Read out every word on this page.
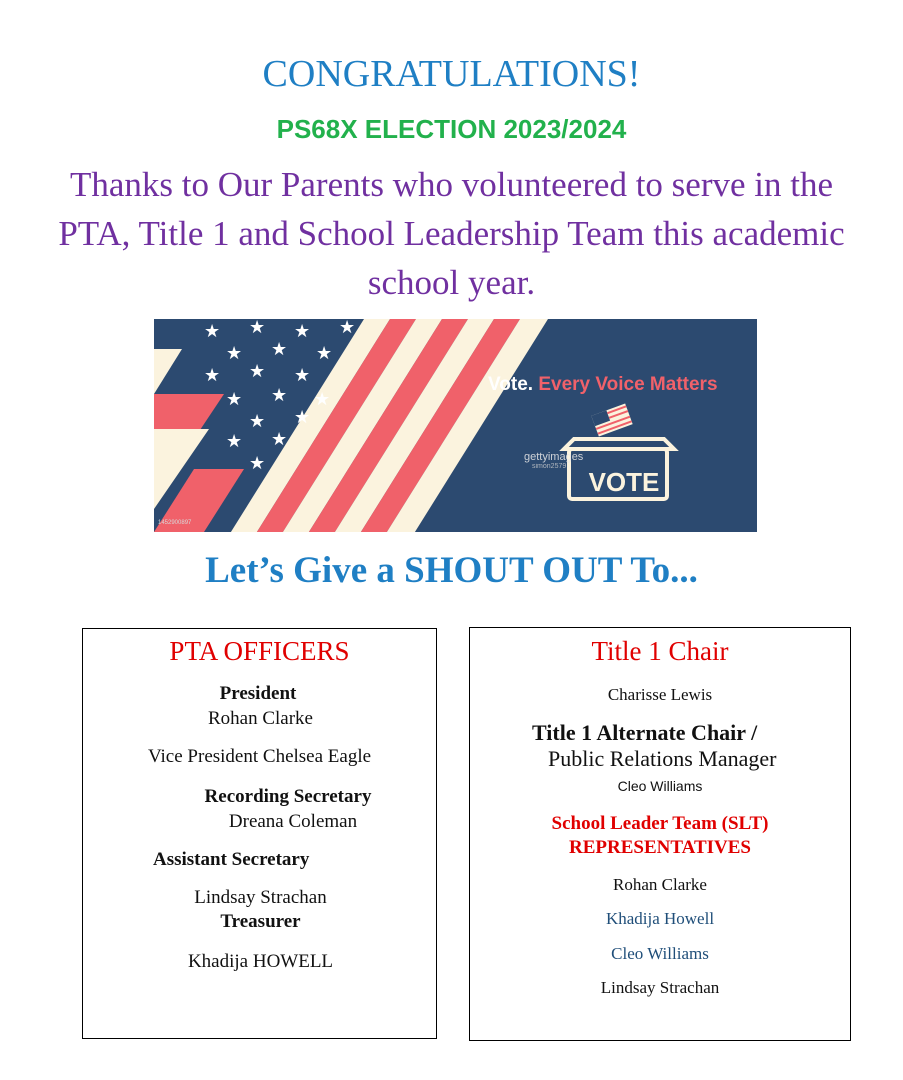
CONGRATULATIONS!
PS68X ELECTION 2023/2024
Thanks to Our Parents who volunteered to serve in the PTA, Title 1 and School Leadership Team this academic school year.
★ ★ ★ ★
★ ★ ★
★ ★ ★
★ ★ ★
★ ★
★ ★
★
Vote. Every Voice Matters
VOTE
gettyimages
simon2579
1452900897
Let’s Give a SHOUT OUT To...
PTA OFFICERS
President
Rohan Clarke
Vice President Chelsea Eagle
Recording Secretary
Dreana Coleman
Assistant Secretary
Lindsay Strachan
Treasurer
Khadija HOWELL
Title 1 Chair
Charisse Lewis
Title 1 Alternate Chair /
Public Relations Manager
Cleo Williams
School Leader Team (SLT)
REPRESENTATIVES
Rohan Clarke
Khadija Howell
Cleo Williams
Lindsay Strachan
